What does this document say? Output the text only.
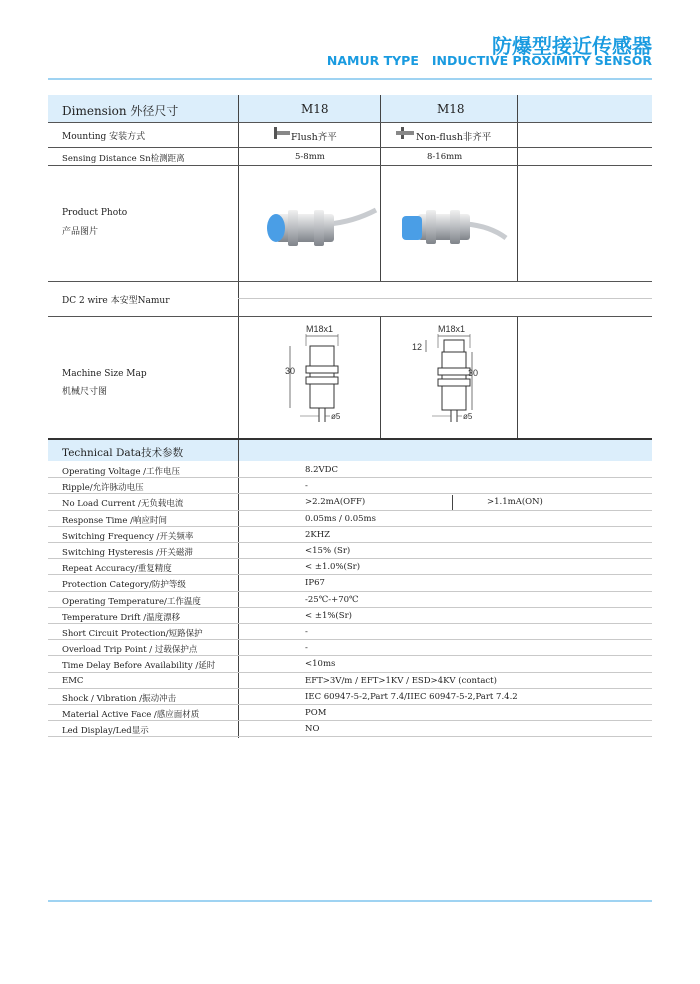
防爆型接近传感器
NAMUR TYPE   INDUCTIVE PROXIMITY SENSOR
Dimension 外径尺寸	M18	M18
Mounting 安装方式	Flush齐平	Non-flush非齐平
Sensing Distance Sn检测距离	5-8mm	8-16mm
Product Photo
产品图片
DC 2 wire 本安型Namur
Machine Size Map
机械尺寸图
M18x1
30
ø5
M18x1
12
30
ø5
Technical Data技术参数
Operating Voltage /工作电压	8.2VDC
Ripple/允许脉动电压	-
No Load Current /无负载电流	>2.2mA(OFF)	>1.1mA(ON)
Response Time /响应时间	0.05ms / 0.05ms
Switching Frequency /开关频率	2KHZ
Switching Hysteresis /开关磁滞	<15% (Sr)
Repeat Accuracy/重复精度	< ±1.0%(Sr)
Protection Category/防护等级	IP67
Operating Temperature/工作温度	-25℃-+70℃
Temperature Drift /温度漂移	< ±1%(Sr)
Short Circuit Protection/短路保护	-
Overload Trip Point / 过载保护点	-
Time Delay Before Availability /延时	<10ms
EMC	EFT>3V/m / EFT>1KV / ESD>4KV (contact)
Shock / Vibration /振动冲击	IEC 60947-5-2,Part 7.4/IIEC 60947-5-2,Part 7.4.2
Material Active Face /感应面材质	POM
Led Display/Led显示	NO
